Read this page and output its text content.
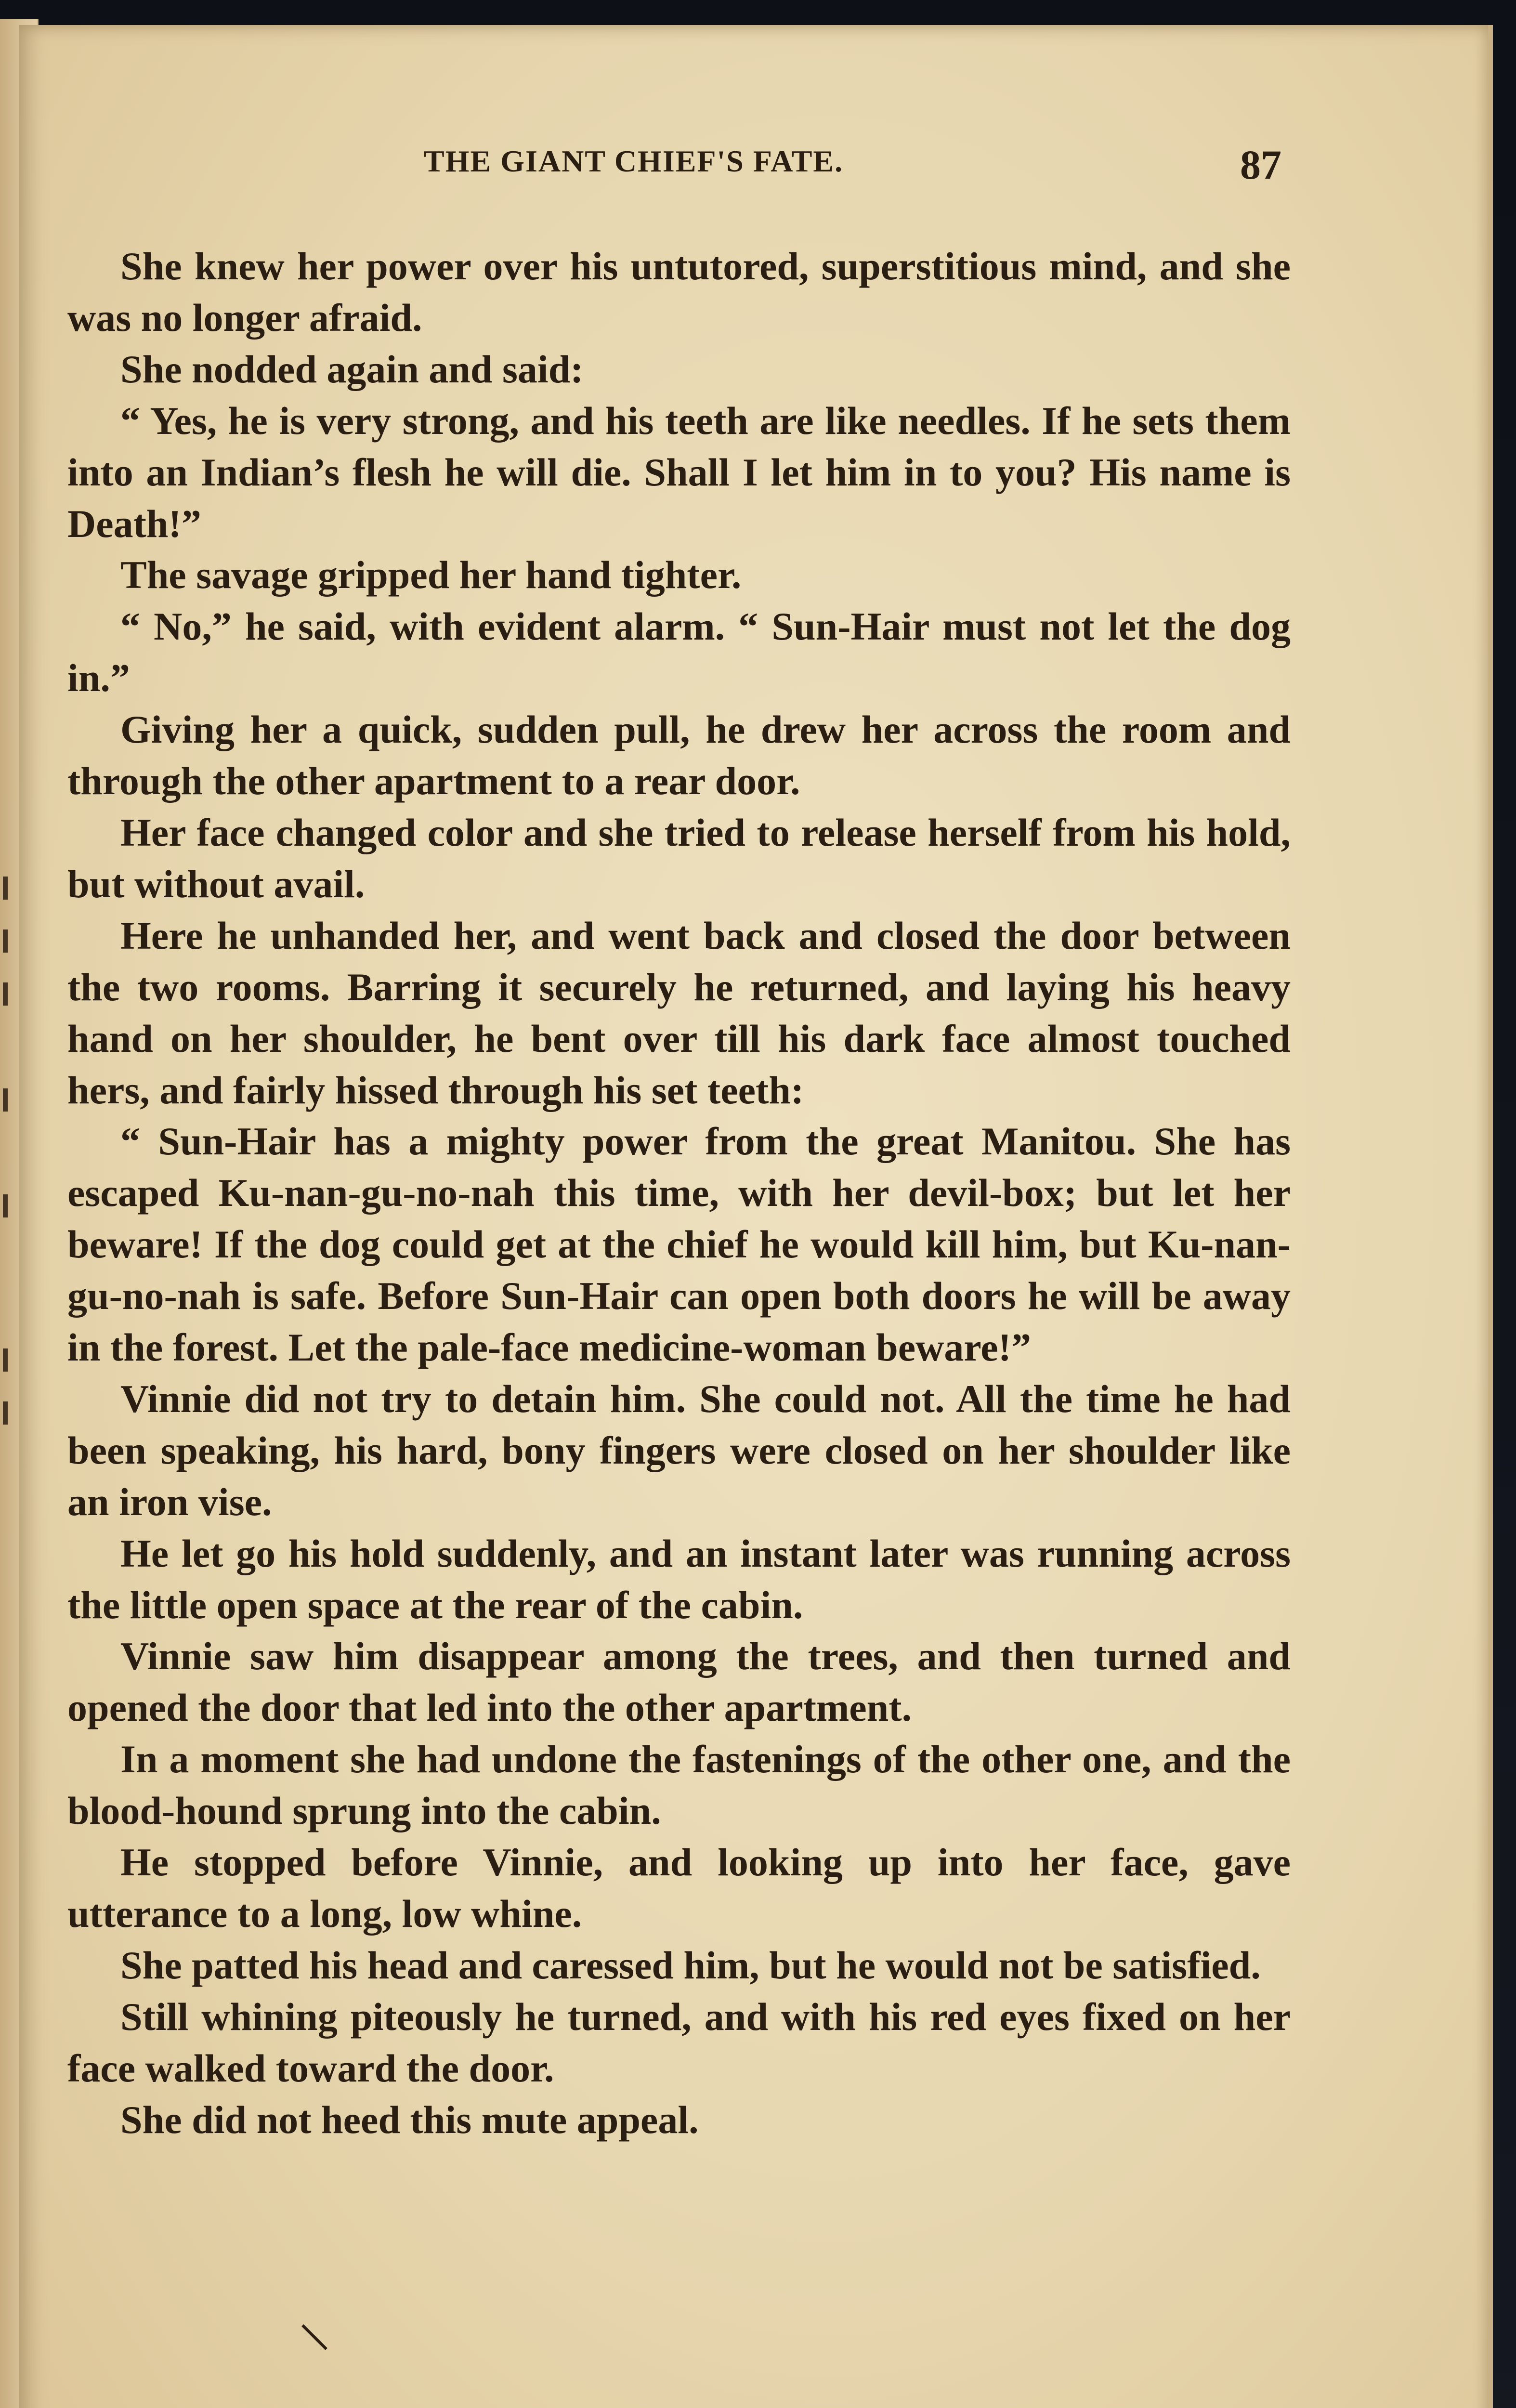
THE GIANT CHIEF'S FATE.	87

She knew her power over his untutored, superstitious mind, and she was no longer afraid.

She nodded again and said:

“ Yes, he is very strong, and his teeth are like needles. If he sets them into an Indian’s flesh he will die. Shall I let him in to you? His name is Death!”

The savage gripped her hand tighter.

“ No,” he said, with evident alarm. “ Sun-Hair must not let the dog in.”

Giving her a quick, sudden pull, he drew her across the room and through the other apartment to a rear door.

Her face changed color and she tried to release herself from his hold, but without avail.

Here he unhanded her, and went back and closed the door between the two rooms. Barring it securely he returned, and laying his heavy hand on her shoulder, he bent over till his dark face almost touched hers, and fairly hissed through his set teeth:

“ Sun-Hair has a mighty power from the great Manitou. She has escaped Ku-nan-gu-no-nah this time, with her devil-box; but let her beware! If the dog could get at the chief he would kill him, but Ku-nan-gu-no-nah is safe. Before Sun-Hair can open both doors he will be away in the forest. Let the pale-face medicine-woman beware!”

Vinnie did not try to detain him. She could not. All the time he had been speaking, his hard, bony fingers were closed on her shoulder like an iron vise.

He let go his hold suddenly, and an instant later was running across the little open space at the rear of the cabin.

Vinnie saw him disappear among the trees, and then turned and opened the door that led into the other apartment.

In a moment she had undone the fastenings of the other one, and the blood-hound sprung into the cabin.

He stopped before Vinnie, and looking up into her face, gave utterance to a long, low whine.

She patted his head and caressed him, but he would not be satisfied.

Still whining piteously he turned, and with his red eyes fixed on her face walked toward the door.

She did not heed this mute appeal.
